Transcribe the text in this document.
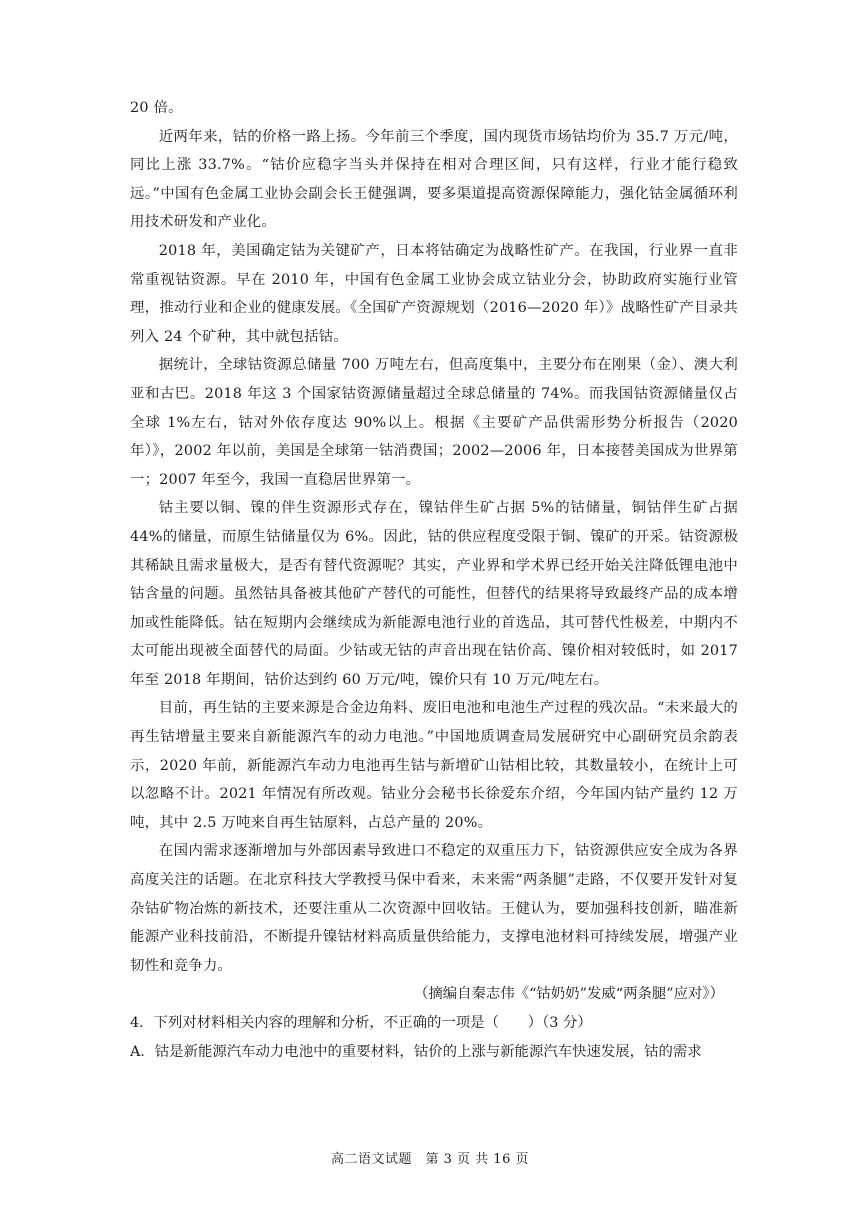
20 倍。

近两年来，钴的价格一路上扬。今年前三个季度，国内现货市场钴均价为 35.7 万元/吨，同比上涨 33.7%。“钴价应稳字当头并保持在相对合理区间，只有这样，行业才能行稳致远。”中国有色金属工业协会副会长王健强调，要多渠道提高资源保障能力，强化钴金属循环利用技术研发和产业化。

2018 年，美国确定钴为关键矿产，日本将钴确定为战略性矿产。在我国，行业界一直非常重视钴资源。早在 2010 年，中国有色金属工业协会成立钴业分会，协助政府实施行业管理，推动行业和企业的健康发展。《全国矿产资源规划（2016—2020 年）》战略性矿产目录共列入 24 个矿种，其中就包括钴。

据统计，全球钴资源总储量 700 万吨左右，但高度集中，主要分布在刚果（金）、澳大利亚和古巴。2018 年这 3 个国家钴资源储量超过全球总储量的 74%。而我国钴资源储量仅占全球 1%左右，钴对外依存度达 90%以上。根据《主要矿产品供需形势分析报告（2020 年）》，2002 年以前，美国是全球第一钴消费国；2002—2006 年，日本接替美国成为世界第一；2007 年至今，我国一直稳居世界第一。

钴主要以铜、镍的伴生资源形式存在，镍钴伴生矿占据 5%的钴储量，铜钴伴生矿占据 44%的储量，而原生钴储量仅为 6%。因此，钴的供应程度受限于铜、镍矿的开采。钴资源极其稀缺且需求量极大，是否有替代资源呢？其实，产业界和学术界已经开始关注降低锂电池中钴含量的问题。虽然钴具备被其他矿产替代的可能性，但替代的结果将导致最终产品的成本增加或性能降低。钴在短期内会继续成为新能源电池行业的首选品，其可替代性极差，中期内不太可能出现被全面替代的局面。少钴或无钴的声音出现在钴价高、镍价相对较低时，如 2017 年至 2018 年期间，钴价达到约 60 万元/吨，镍价只有 10 万元/吨左右。

目前，再生钴的主要来源是合金边角料、废旧电池和电池生产过程的残次品。“未来最大的再生钴增量主要来自新能源汽车的动力电池。”中国地质调查局发展研究中心副研究员余韵表示，2020 年前，新能源汽车动力电池再生钴与新增矿山钴相比较，其数量较小，在统计上可以忽略不计。2021 年情况有所改观。钴业分会秘书长徐爱东介绍，今年国内钴产量约 12 万吨，其中 2.5 万吨来自再生钴原料，占总产量的 20%。

在国内需求逐渐增加与外部因素导致进口不稳定的双重压力下，钴资源供应安全成为各界高度关注的话题。在北京科技大学教授马保中看来，未来需“两条腿”走路，不仅要开发针对复杂钴矿物冶炼的新技术，还要注重从二次资源中回收钴。王健认为，要加强科技创新，瞄准新能源产业科技前沿，不断提升镍钴材料高质量供给能力，支撑电池材料可持续发展，增强产业韧性和竞争力。

（摘编自秦志伟《“钴奶奶”发威“两条腿”应对》）

4．下列对材料相关内容的理解和分析，不正确的一项是（　　）（3 分）

A．钴是新能源汽车动力电池中的重要材料，钴价的上涨与新能源汽车快速发展，钴的需求

高二语文试题　第 3 页 共 16 页
